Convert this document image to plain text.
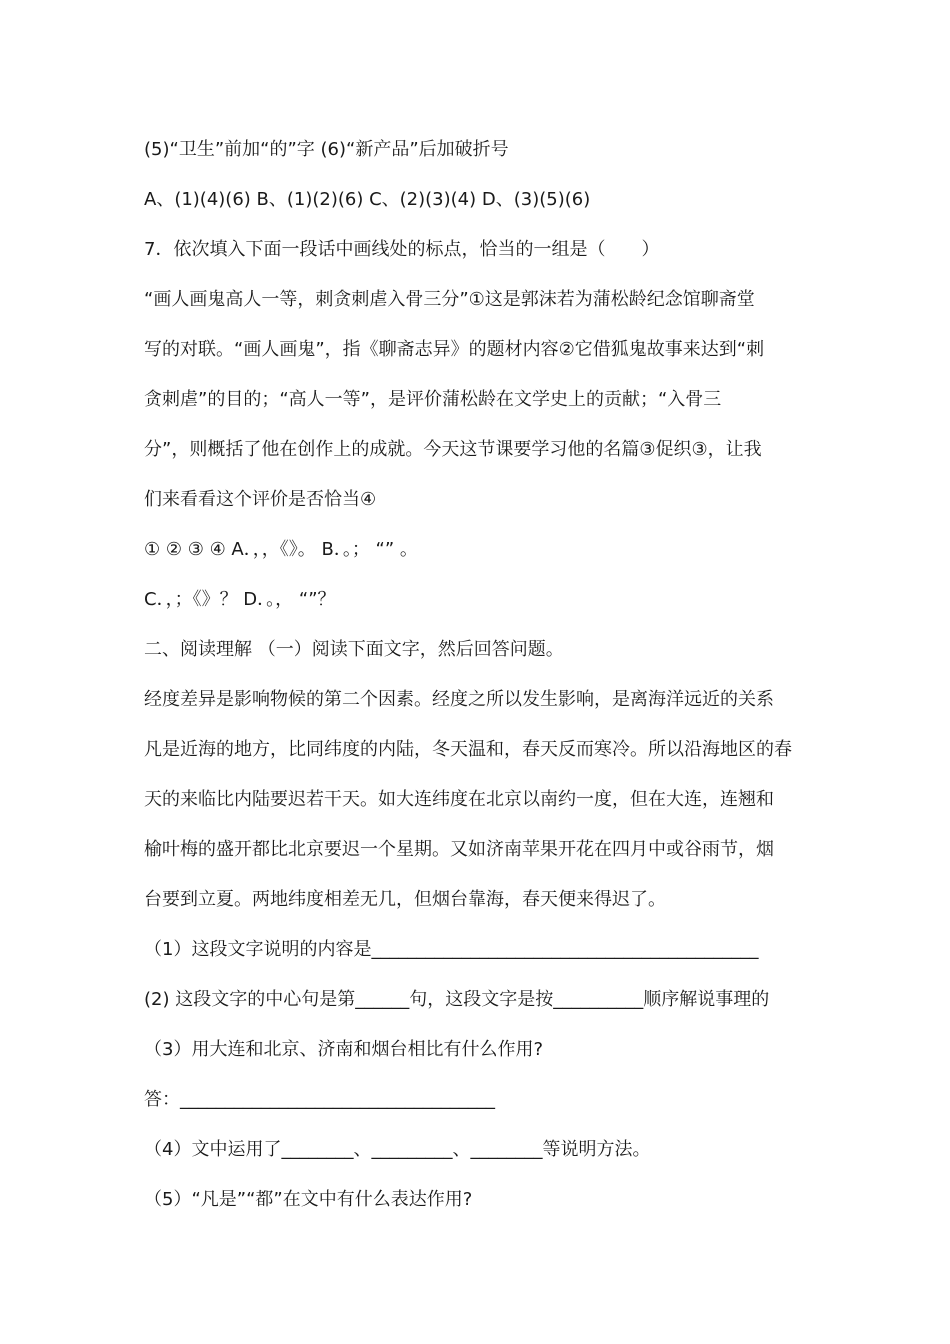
(5)“卫生”前加“的”字 (6)“新产品”后加破折号
A、(1)(4)(6) B、(1)(2)(6) C、(2)(3)(4) D、(3)(5)(6)
7．依次填入下面一段话中画线处的标点，恰当的一组是（　　）
“画人画鬼高人一等，刺贪刺虐入骨三分”①这是郭沫若为蒲松龄纪念馆聊斋堂
写的对联。“画人画鬼”，指《聊斋志异》的题材内容②它借狐鬼故事来达到“刺
贪刺虐”的目的；“高人一等”，是评价蒲松龄在文学史上的贡献；“入骨三
分”，则概括了他在创作上的成就。今天这节课要学习他的名篇③促织③，让我
们来看看这个评价是否恰当④
① ② ③ ④ A．，，《》。 B．。； “” 。
C．，；《》？ D．。， “”？
二、阅读理解 （一）阅读下面文字，然后回答问题。
经度差异是影响物候的第二个因素。经度之所以发生影响，是离海洋远近的关系
凡是近海的地方，比同纬度的内陆，冬天温和，春天反而寒冷。所以沿海地区的春
天的来临比内陆要迟若干天。如大连纬度在北京以南约一度，但在大连，连翘和
榆叶梅的盛开都比北京要迟一个星期。又如济南苹果开花在四月中或谷雨节，烟
台要到立夏。两地纬度相差无几，但烟台靠海，春天便来得迟了。
（1）这段文字说明的内容是___________________________________________
(2) 这段文字的中心句是第______句，这段文字是按__________顺序解说事理的
（3）用大连和北京、济南和烟台相比有什么作用?
答：___________________________________
（4）文中运用了________、_________、________等说明方法。
（5）“凡是”“都”在文中有什么表达作用?
